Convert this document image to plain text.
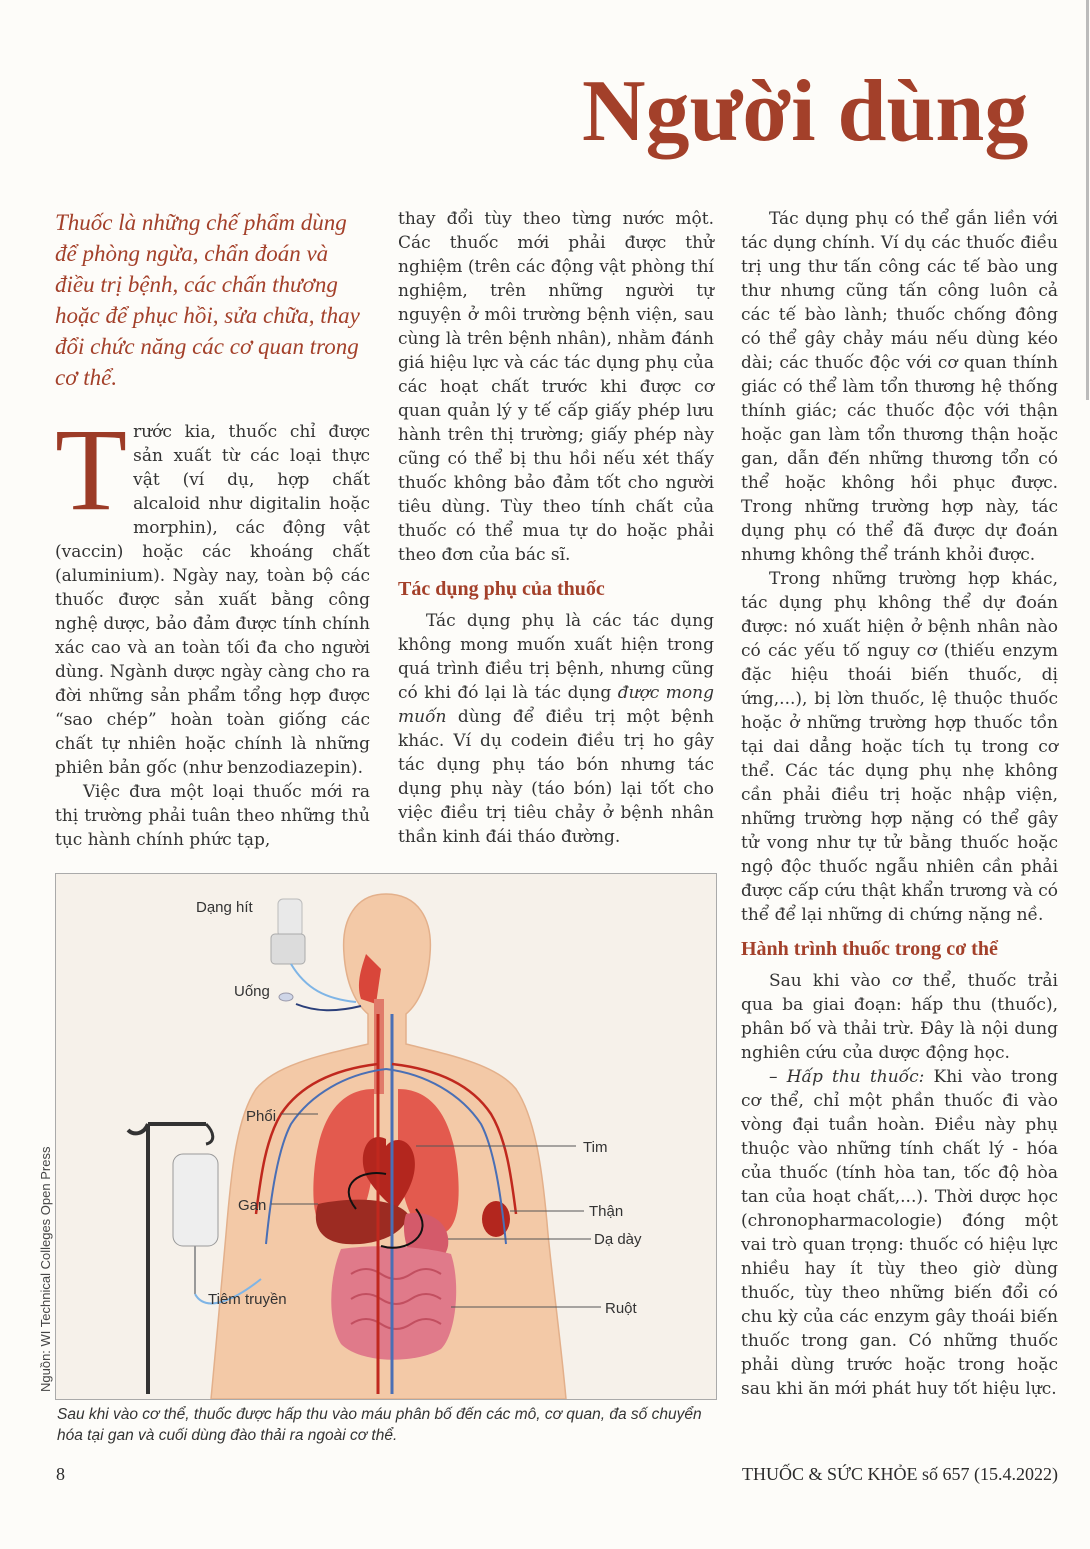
Người dùng
Thuốc là những chế phẩm dùng để phòng ngừa, chẩn đoán và điều trị bệnh, các chấn thương hoặc để phục hồi, sửa chữa, thay đổi chức năng các cơ quan trong cơ thể.

Trước kia, thuốc chỉ được sản xuất từ các loại thực vật (ví dụ, hợp chất alcaloid như digitalin hoặc morphin), các động vật (vaccin) hoặc các khoáng chất (aluminium). Ngày nay, toàn bộ các thuốc được sản xuất bằng công nghệ dược, bảo đảm được tính chính xác cao và an toàn tối đa cho người dùng. Ngành dược ngày càng cho ra đời những sản phẩm tổng hợp được “sao chép” hoàn toàn giống các chất tự nhiên hoặc chính là những phiên bản gốc (như benzodiazepin).

Việc đưa một loại thuốc mới ra thị trường phải tuân theo những thủ tục hành chính phức tạp,

thay đổi tùy theo từng nước một. Các thuốc mới phải được thử nghiệm (trên các động vật phòng thí nghiệm, trên những người tự nguyện ở môi trường bệnh viện, sau cùng là trên bệnh nhân), nhằm đánh giá hiệu lực và các tác dụng phụ của các hoạt chất trước khi được cơ quan quản lý y tế cấp giấy phép lưu hành trên thị trường; giấy phép này cũng có thể bị thu hồi nếu xét thấy thuốc không bảo đảm tốt cho người tiêu dùng. Tùy theo tính chất của thuốc có thể mua tự do hoặc phải theo đơn của bác sĩ.

Tác dụng phụ của thuốc

Tác dụng phụ là các tác dụng không mong muốn xuất hiện trong quá trình điều trị bệnh, nhưng cũng có khi đó lại là tác dụng được mong muốn dùng để điều trị một bệnh khác. Ví dụ codein điều trị ho gây tác dụng phụ táo bón nhưng tác dụng phụ này (táo bón) lại tốt cho việc điều trị tiêu chảy ở bệnh nhân thần kinh đái tháo đường.

Tác dụng phụ có thể gắn liền với tác dụng chính. Ví dụ các thuốc điều trị ung thư tấn công các tế bào ung thư nhưng cũng tấn công luôn cả các tế bào lành; thuốc chống đông có thể gây chảy máu nếu dùng kéo dài; các thuốc độc với cơ quan thính giác có thể làm tổn thương hệ thống thính giác; các thuốc độc với thận hoặc gan làm tổn thương thận hoặc gan, dẫn đến những thương tổn có thể hoặc không hồi phục được. Trong những trường hợp này, tác dụng phụ có thể đã được dự đoán nhưng không thể tránh khỏi được.

Trong những trường hợp khác, tác dụng phụ không thể dự đoán được: nó xuất hiện ở bệnh nhân nào có các yếu tố nguy cơ (thiếu enzym đặc hiệu thoái biến thuốc, dị ứng,...), bị lờn thuốc, lệ thuộc thuốc hoặc ở những trường hợp thuốc tồn tại dai dẳng hoặc tích tụ trong cơ thể. Các tác dụng phụ nhẹ không cần phải điều trị hoặc nhập viện, những trường hợp nặng có thể gây tử vong như tự tử bằng thuốc hoặc ngộ độc thuốc ngẫu nhiên cần phải được cấp cứu thật khẩn trương và có thể để lại những di chứng nặng nề.

Hành trình thuốc trong cơ thể

Sau khi vào cơ thể, thuốc trải qua ba giai đoạn: hấp thu (thuốc), phân bố và thải trừ. Đây là nội dung nghiên cứu của dược động học.

– Hấp thu thuốc: Khi vào trong cơ thể, chỉ một phần thuốc đi vào vòng đại tuần hoàn. Điều này phụ thuộc vào những tính chất lý - hóa của thuốc (tính hòa tan, tốc độ hòa tan của hoạt chất,...). Thời dược học (chronopharmacologie) đóng một vai trò quan trọng: thuốc có hiệu lực nhiều hay ít tùy theo giờ dùng thuốc, tùy theo những biến đổi có chu kỳ của các enzym gây thoái biến thuốc trong gan. Có những thuốc phải dùng trước hoặc trong hoặc sau khi ăn mới phát huy tốt hiệu lực.

Dạng hít
Uống
Phổi
Gan
Tiêm truyền
Tim
Thận
Dạ dày
Ruột
Nguồn: WI Technical Colleges Open Press
Sau khi vào cơ thể, thuốc được hấp thu vào máu phân bố đến các mô, cơ quan, đa số chuyển hóa tại gan và cuối dùng đào thải ra ngoài cơ thể.
8	THUỐC & SỨC KHỎE số 657 (15.4.2022)
